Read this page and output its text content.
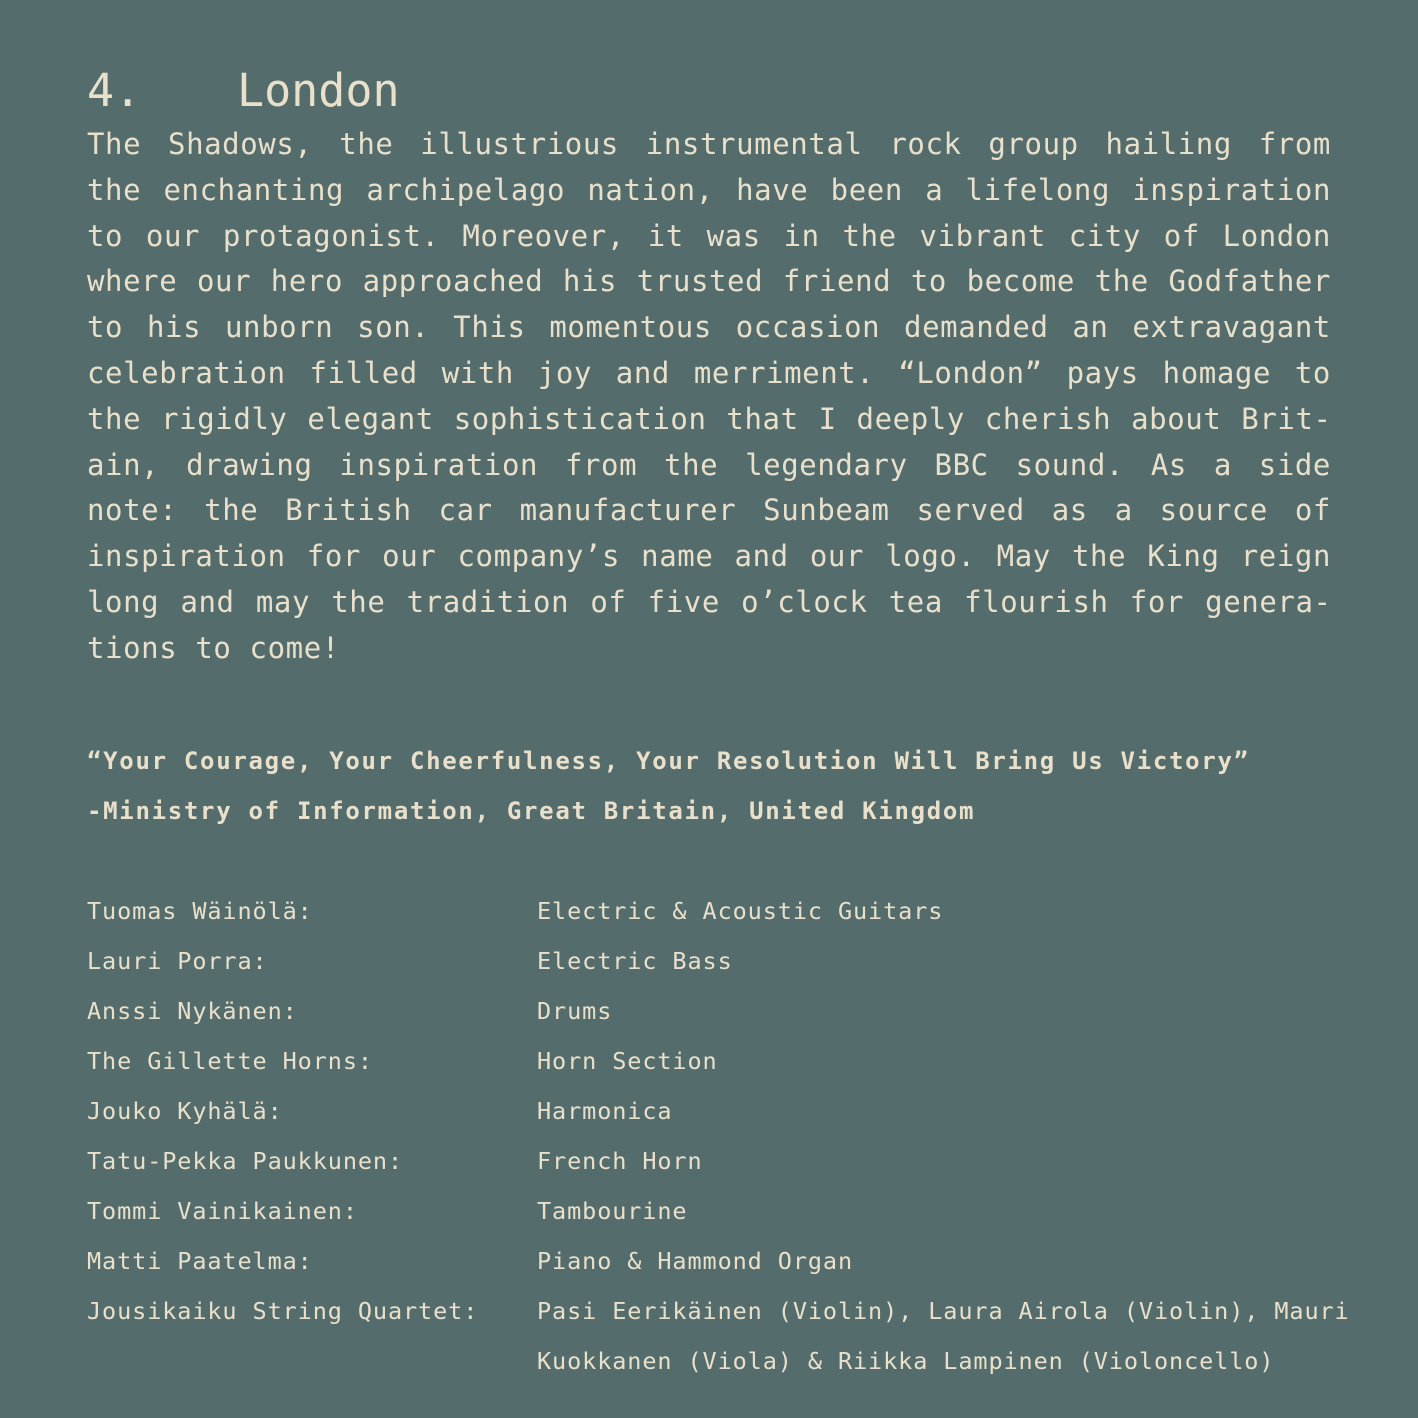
4. London

The Shadows, the illustrious instrumental rock group hailing from the enchanting archipelago nation, have been a lifelong inspiration to our protagonist. Moreover, it was in the vibrant city of London where our hero approached his trusted friend to become the Godfather to his unborn son. This momentous occasion demanded an extravagant celebration filled with joy and merriment. “London” pays homage to the rigidly elegant sophistication that I deeply cherish about Britain, drawing inspiration from the legendary BBC sound. As a side note: the British car manufacturer Sunbeam served as a source of inspiration for our company’s name and our logo. May the King reign long and may the tradition of five o’clock tea flourish for generations to come!

“Your Courage, Your Cheerfulness, Your Resolution Will Bring Us Victory”

-Ministry of Information, Great Britain, United Kingdom

Tuomas Wäinölä:	Electric & Acoustic Guitars
Lauri Porra:	Electric Bass
Anssi Nykänen:	Drums
The Gillette Horns:	Horn Section
Jouko Kyhälä:	Harmonica
Tatu-Pekka Paukkunen:	French Horn
Tommi Vainikainen:	Tambourine
Matti Paatelma:	Piano & Hammond Organ
Jousikaiku String Quartet:	Pasi Eerikäinen (Violin), Laura Airola (Violin), Mauri Kuokkanen (Viola) & Riikka Lampinen (Violoncello)
